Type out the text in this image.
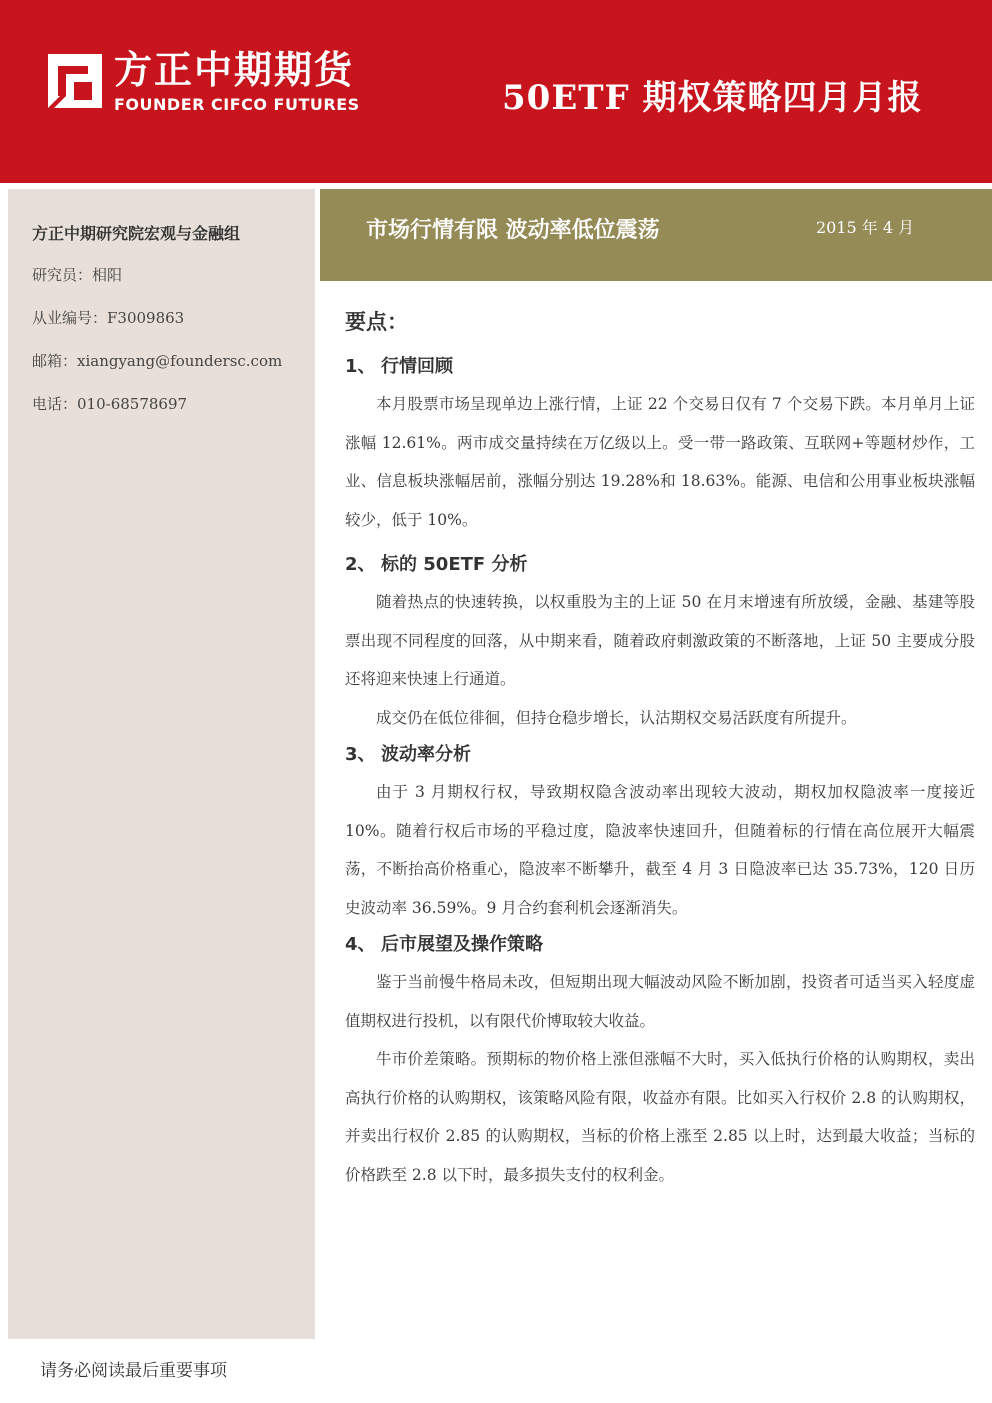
方正中期期货
FOUNDER CIFCO FUTURES	50ETF 期权策略四月月报
方正中期研究院宏观与金融组
研究员：相阳
从业编号：F3009863
邮箱：xiangyang@foundersc.com
电话：010-68578697
市场行情有限 波动率低位震荡	2015 年 4 月
要点：
1、 行情回顾

本月股票市场呈现单边上涨行情，上证 22 个交易日仅有 7 个交易下跌。本月单月上证涨幅 12.61%。两市成交量持续在万亿级以上。受一带一路政策、互联网+等题材炒作，工业、信息板块涨幅居前，涨幅分别达 19.28%和 18.63%。能源、电信和公用事业板块涨幅较少，低于 10%。

2、 标的 50ETF 分析

随着热点的快速转换，以权重股为主的上证 50 在月末增速有所放缓，金融、基建等股票出现不同程度的回落，从中期来看，随着政府刺激政策的不断落地，上证 50 主要成分股还将迎来快速上行通道。

成交仍在低位徘徊，但持仓稳步增长，认沽期权交易活跃度有所提升。

3、 波动率分析

由于 3 月期权行权，导致期权隐含波动率出现较大波动，期权加权隐波率一度接近 10%。随着行权后市场的平稳过度，隐波率快速回升，但随着标的行情在高位展开大幅震荡，不断抬高价格重心，隐波率不断攀升，截至 4 月 3 日隐波率已达 35.73%，120 日历史波动率 36.59%。9 月合约套利机会逐渐消失。

4、 后市展望及操作策略

鉴于当前慢牛格局未改，但短期出现大幅波动风险不断加剧，投资者可适当买入轻度虚值期权进行投机，以有限代价博取较大收益。

牛市价差策略。预期标的物价格上涨但涨幅不大时，买入低执行价格的认购期权，卖出高执行价格的认购期权，该策略风险有限，收益亦有限。比如买入行权价 2.8 的认购期权，并卖出行权价 2.85 的认购期权，当标的价格上涨至 2.85 以上时，达到最大收益；当标的价格跌至 2.8 以下时，最多损失支付的权利金。

请务必阅读最后重要事项
